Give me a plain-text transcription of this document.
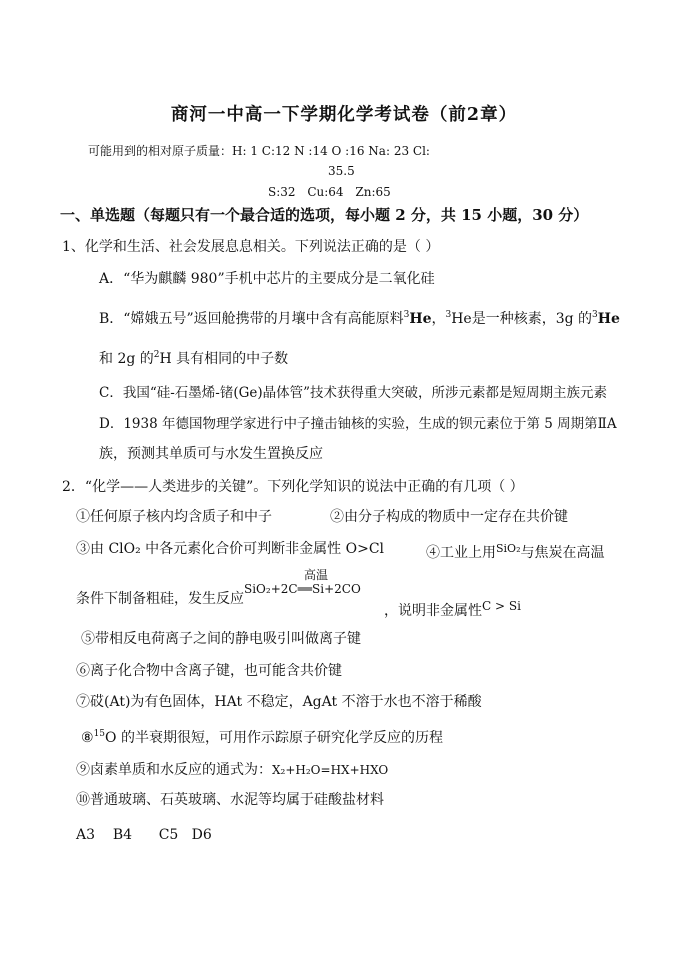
商河一中高一下学期化学考试卷（前2章）
可能用到的相对原子质量：H: 1 C:12 N :14 O :16 Na: 23 Cl:
35.5
S:32 Cu:64 Zn:65
一、单选题（每题只有一个最合适的选项，每小题 2 分，共 15 小题，30 分）
1、化学和生活、社会发展息息相关。下列说法正确的是（ ）
A．“华为麒麟 980”手机中芯片的主要成分是二氧化硅
B．“嫦娥五号”返回舱携带的月壤中含有高能原料$^3$He，$^3$He是一种核素，3g 的$^3$He
和 2g 的$^2$H 具有相同的中子数
C．我国“硅-石墨烯-锗(Ge)晶体管”技术获得重大突破，所涉元素都是短周期主族元素
D．1938 年德国物理学家进行中子撞击铀核的实验，生成的钡元素位于第 5 周期第ⅡA
族，预测其单质可与水发生置换反应
2．“化学——人类进步的关键”。下列化学知识的说法中正确的有几项（ ）
①任何原子核内均含质子和中子	②由分子构成的物质中一定存在共价键
③由 ClO₂ 中各元素化合价可判断非金属性 O>Cl	④工业上用$^{SiO_2}$与焦炭在高温
条件下制备粗硅，发生反应
高温
SiO₂+2C══Si+2CO
，说明非金属性C > Si
⑤带相反电荷离子之间的静电吸引叫做离子键
⑥离子化合物中含离子键，也可能含共价键
⑦砹(At)为有色固体，HAt 不稳定，AgAt 不溶于水也不溶于稀酸
⑧$^{15}$O 的半衰期很短，可用作示踪原子研究化学反应的历程
⑨卤素单质和水反应的通式为：X₂+H₂O=HX+HXO
⑩普通玻璃、石英玻璃、水泥等均属于硅酸盐材料
A3    B4      C5   D6
